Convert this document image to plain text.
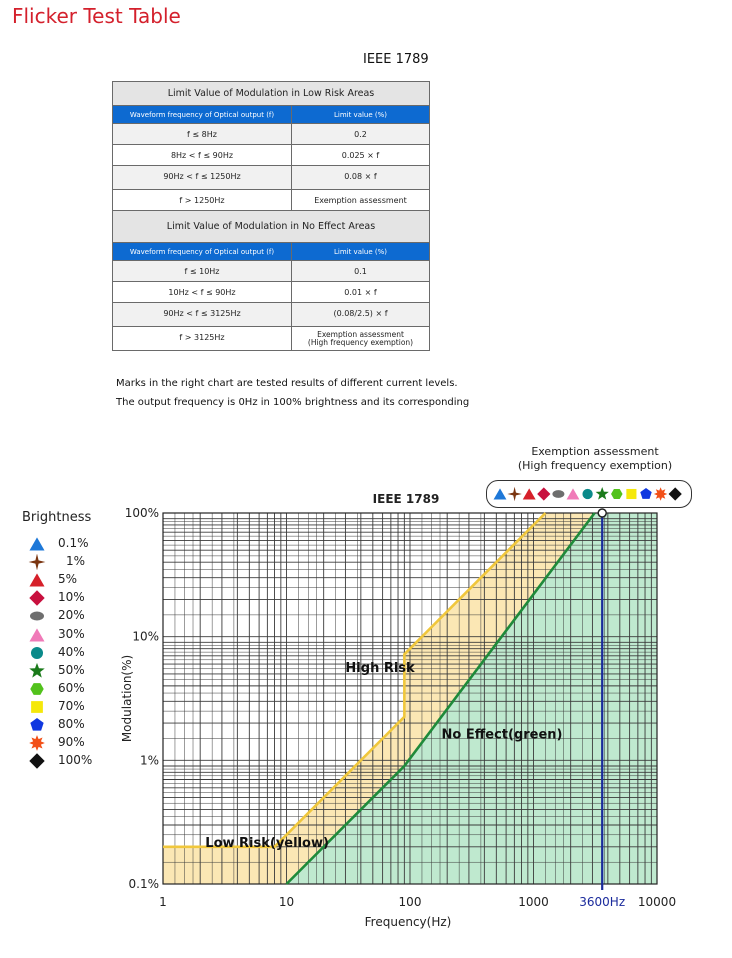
Flicker Test Table
IEEE 1789
Limit Value of Modulation in Low Risk Areas	
Waveform frequency of Optical output (f)	Limit value (%)
f ≤ 8Hz	0.2
8Hz < f ≤ 90Hz	0.025 × f
90Hz < f ≤ 1250Hz	0.08 × f
f > 1250Hz	Exemption assessment
Limit Value of Modulation in No Effect Areas	
Waveform frequency of Optical output (f)	Limit value (%)
f ≤ 10Hz	0.1
10Hz < f ≤ 90Hz	0.01 × f
90Hz < f ≤ 3125Hz	(0.08/2.5) × f
f > 3125Hz	Exemption assessment
(High frequency exemption)
Marks in the right chart are tested results of different current levels.
The output frequency is 0Hz in 100% brightness and its corresponding
Brightness
0.1%
1%
5%
10%
20%
30%
40%
50%
60%
70%
80%
90%
100%
Exemption assessment
(High frequency exemption)
1	10	100	1000	3600Hz 10000
0.1%
1%
10%
100%
Frequency(Hz)
Modulation(%)
IEEE 1789
High Risk
Low Risk(yellow)
No Effect(green)
